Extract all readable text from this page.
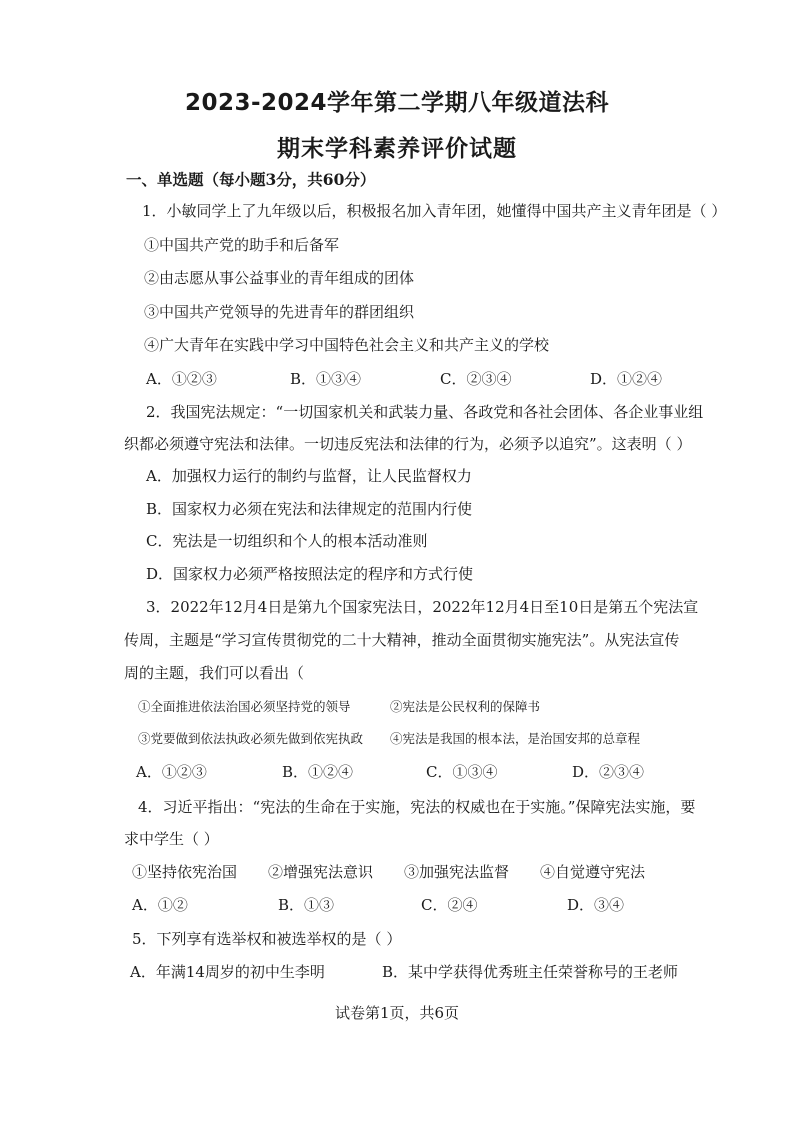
2023-2024学年第二学期八年级道法科
期末学科素养评价试题
一、单选题（每小题3分，共60分）
1．小敏同学上了九年级以后，积极报名加入青年团，她懂得中国共产主义青年团是（ ）
①中国共产党的助手和后备军
②由志愿从事公益事业的青年组成的团体
③中国共产党领导的先进青年的群团组织
④广大青年在实践中学习中国特色社会主义和共产主义的学校
A．①②③	B．①③④	C．②③④	D．①②④
2．我国宪法规定：“一切国家机关和武装力量、各政党和各社会团体、各企业事业组
织都必须遵守宪法和法律。一切违反宪法和法律的行为，必须予以追究”。这表明（ ）
A．加强权力运行的制约与监督，让人民监督权力
B．国家权力必须在宪法和法律规定的范围内行使
C．宪法是一切组织和个人的根本活动准则
D．国家权力必须严格按照法定的程序和方式行使
3．2022年12月4日是第九个国家宪法日，2022年12月4日至10日是第五个宪法宣
传周，主题是“学习宣传贯彻党的二十大精神，推动全面贯彻实施宪法”。从宪法宣传
周的主题，我们可以看出（
①全面推进依法治国必须坚持党的领导	②宪法是公民权利的保障书
③党要做到依法执政必须先做到依宪执政 ④宪法是我国的根本法，是治国安邦的总章程
A．①②③	B．①②④	C．①③④	D．②③④
4．习近平指出：“宪法的生命在于实施，宪法的权威也在于实施。”保障宪法实施，要
求中学生（ ）
①坚持依宪治国 ②增强宪法意识 ③加强宪法监督 ④自觉遵守宪法
A．①②	B．①③	C．②④	D．③④
5．下列享有选举权和被选举权的是（ ）
A．年满14周岁的初中生李明	B．某中学获得优秀班主任荣誉称号的王老师
试卷第1页，共6页
